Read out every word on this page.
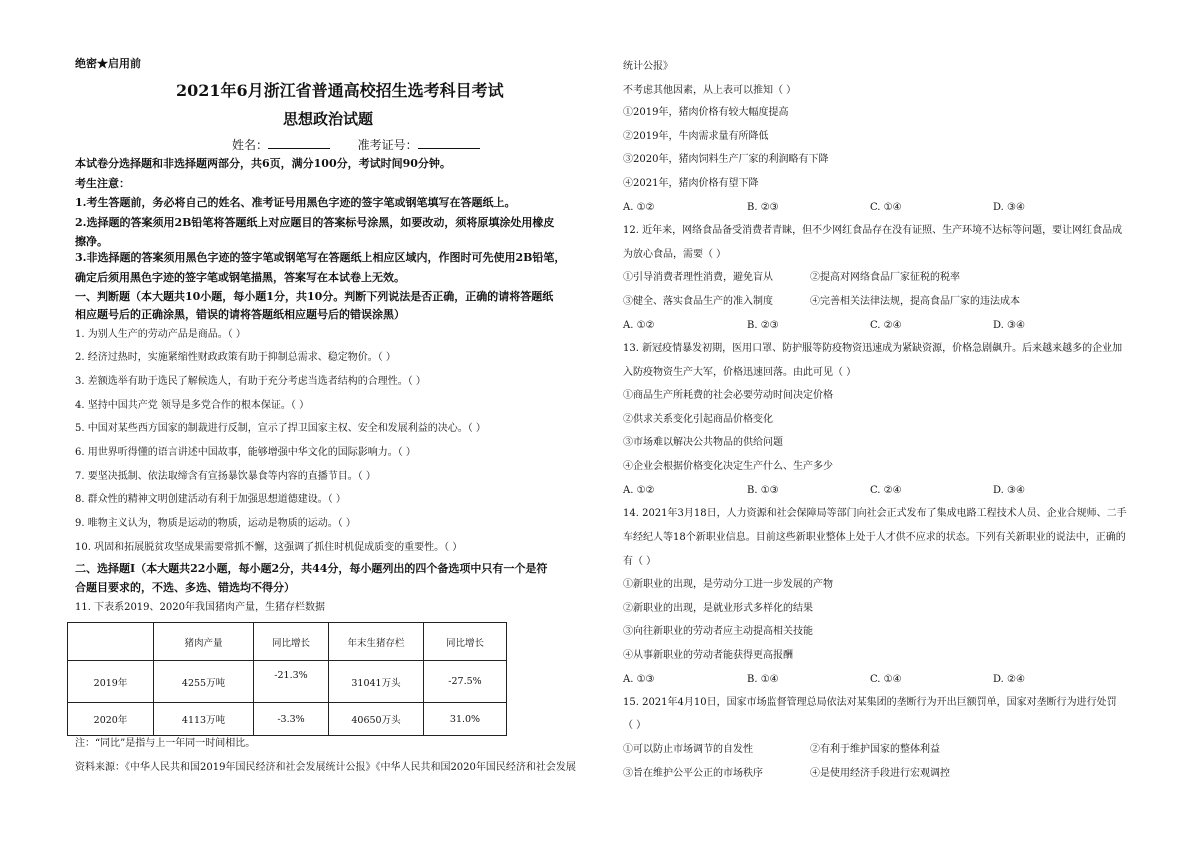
绝密★启用前
2021年6月浙江省普通高校招生选考科目考试
思想政治试题
姓名：	准考证号：
本试卷分选择题和非选择题两部分，共6页，满分100分，考试时间90分钟。
考生注意：
1.考生答题前，务必将自己的姓名、准考证号用黑色字迹的签字笔或钢笔填写在答题纸上。
2.选择题的答案须用2B铅笔将答题纸上对应题目的答案标号涂黑，如要改动，须将原填涂处用橡皮
擦净。
3.非选择题的答案须用黑色字迹的签字笔或钢笔写在答题纸上相应区域内，作图时可先使用2B铅笔，
确定后须用黑色字迹的签字笔或钢笔描黑，答案写在本试卷上无效。
一、判断题（本大题共10小题，每小题1分，共10分。判断下列说法是否正确，正确的请将答题纸
相应题号后的正确涂黑，错误的请将答题纸相应题号后的错误涂黑）
1. 为别人生产的劳动产品是商品。（ ）
2. 经济过热时，实施紧缩性财政政策有助于抑制总需求、稳定物价。（ ）
3. 差额选举有助于选民了解候选人，有助于充分考虑当选者结构的合理性。（ ）
4. 坚持中国共产党 领导是多党合作的根本保证。（ ）
5. 中国对某些西方国家的制裁进行反制，宣示了捍卫国家主权、安全和发展利益的决心。（ ）
6. 用世界听得懂的语言讲述中国故事，能够增强中华文化的国际影响力。（ ）
7. 要坚决抵制、依法取缔含有宣扬暴饮暴食等内容的直播节目。（ ）
8. 群众性的精神文明创建活动有利于加强思想道德建设。（ ）
9. 唯物主义认为，物质是运动的物质，运动是物质的运动。（ ）
10. 巩固和拓展脱贫攻坚成果需要常抓不懈，这强调了抓住时机促成质变的重要性。（ ）
二、选择题Ⅰ（本大题共22小题，每小题2分，共44分，每小题列出的四个备选项中只有一个是符
合题目要求的，不选、多选、错选均不得分）
11. 下表系2019、2020年我国猪肉产量，生猪存栏数据
	猪肉产量	同比增长	年末生猪存栏	同比增长
2019年	4255万吨	-21.3%	31041万头	-27.5%
2020年	4113万吨	-3.3%	40650万头	31.0%
注：“同比”是指与上一年同一时间相比。
资料来源：《中华人民共和国2019年国民经济和社会发展统计公报》《中华人民共和国2020年国民经济和社会发展
统计公报》
不考虑其他因素，从上表可以推知（ ）
①2019年，猪肉价格有较大幅度提高
②2019年，牛肉需求量有所降低
③2020年，猪肉饲料生产厂家的利润略有下降
④2021年，猪肉价格有望下降
A. ①②	B. ②③	C. ①④	D. ③④
12. 近年来，网络食品备受消费者青睐，但不少网红食品存在没有证照、生产环境不达标等问题，要让网红食品成
为放心食品，需要（ ）
①引导消费者理性消费，避免盲从	②提高对网络食品厂家征税的税率
③健全、落实食品生产的准入制度	④完善相关法律法规，提高食品厂家的违法成本
A. ①②	B. ②③	C. ②④	D. ③④
13. 新冠疫情暴发初期，医用口罩、防护服等防疫物资迅速成为紧缺资源，价格急剧飙升。后来越来越多的企业加
入防疫物资生产大军，价格迅速回落。由此可见（ ）
①商品生产所耗费的社会必要劳动时间决定价格
②供求关系变化引起商品价格变化
③市场难以解决公共物品的供给问题
④企业会根据价格变化决定生产什么、生产多少
A. ①②	B. ①③	C. ②④	D. ③④
14. 2021年3月18日，人力资源和社会保障局等部门向社会正式发布了集成电路工程技术人员、企业合规师、二手
车经纪人等18个新职业信息。目前这些新职业整体上处于人才供不应求的状态。下列有关新职业的说法中，正确的
有（ ）
①新职业的出现，是劳动分工进一步发展的产物
②新职业的出现，是就业形式多样化的结果
③向往新职业的劳动者应主动提高相关技能
④从事新职业的劳动者能获得更高报酬
A. ①③	B. ①④	C. ①④	D. ②④
15. 2021年4月10日，国家市场监督管理总局依法对某集团的垄断行为开出巨额罚单，国家对垄断行为进行处罚
（ ）
①可以防止市场调节的自发性	②有利于维护国家的整体利益
③旨在维护公平公正的市场秩序	④是使用经济手段进行宏观调控
